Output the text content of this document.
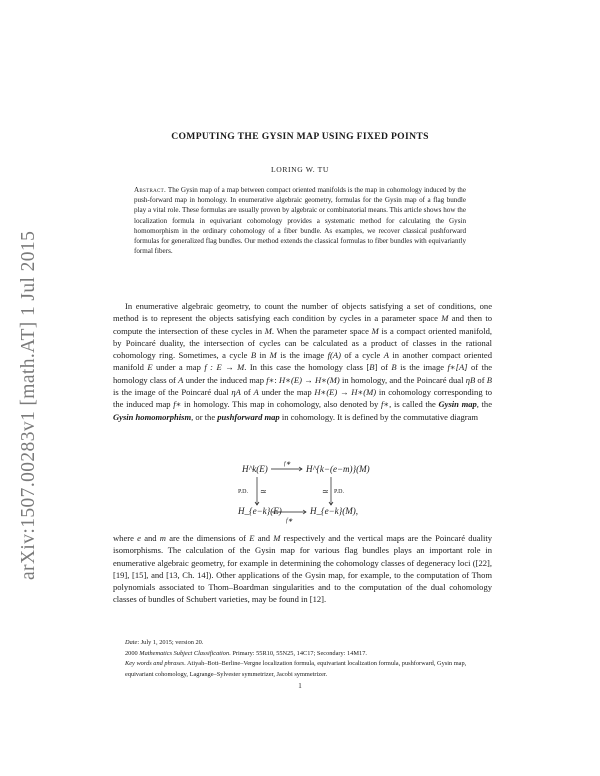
arXiv:1507.00283v1 [math.AT] 1 Jul 2015
COMPUTING THE GYSIN MAP USING FIXED POINTS
LORING W. TU
Abstract. The Gysin map of a map between compact oriented manifolds is the map in cohomology induced by the push-forward map in homology. In enumerative algebraic geometry, formulas for the Gysin map of a flag bundle play a vital role. These formulas are usually proven by algebraic or combinatorial means. This article shows how the localization formula in equivariant cohomology provides a systematic method for calculating the Gysin homomorphism in the ordinary cohomology of a fiber bundle. As examples, we recover classical pushforward formulas for generalized flag bundles. Our method extends the classical formulas to fiber bundles with equivariantly formal fibers.

In enumerative algebraic geometry, to count the number of objects satisfying a set of conditions, one method is to represent the objects satisfying each condition by cycles in a parameter space M and then to compute the intersection of these cycles in M. When the parameter space M is a compact oriented manifold, by Poincaré duality, the intersection of cycles can be calculated as a product of classes in the rational cohomology ring. Sometimes, a cycle B in M is the image f(A) of a cycle A in another compact oriented manifold E under a map f : E → M. In this case the homology class [B] of B is the image f∗[A] of the homology class of A under the induced map f∗: H∗(E) → H∗(M) in homology, and the Poincaré dual ηB of B is the image of the Poincaré dual ηA of A under the map H∗(E) → H∗(M) in cohomology corresponding to the induced map f∗ in homology. This map in cohomology, also denoted by f∗, is called the Gysin map, the Gysin homomorphism, or the pushforward map in cohomology. It is defined by the commutative diagram

H^k(E)	H^{k−(e−m)}(M)
H_{e−k}(E)	H_{e−k}(M),
f∗
f∗
P.D. ≃	P.D.
≃

where e and m are the dimensions of E and M respectively and the vertical maps are the Poincaré duality isomorphisms. The calculation of the Gysin map for various flag bundles plays an important role in enumerative algebraic geometry, for example in determining the cohomology classes of degeneracy loci ([22], [19], [15], and [13, Ch. 14]). Other applications of the Gysin map, for example, to the computation of Thom polynomials associated to Thom–Boardman singularities and to the computation of the dual cohomology classes of bundles of Schubert varieties, may be found in [12].

Date: July 1, 2015; version 20.

2000 Mathematics Subject Classification. Primary: 55R10, 55N25, 14C17; Secondary: 14M17.

Key words and phrases. Atiyah–Bott–Berline–Vergne localization formula, equivariant localization formula, pushforward, Gysin map, equivariant cohomology, Lagrange–Sylvester symmetrizer, Jacobi symmetrizer.

1
